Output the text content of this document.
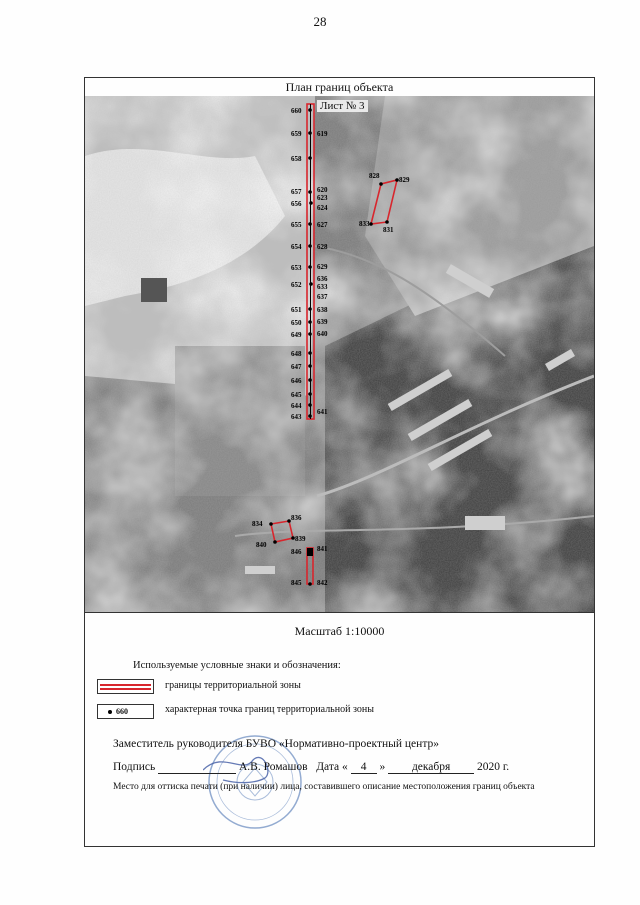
28
План границ объекта
660
659
658
657
656
655
654
653
652
651
650
649
648
647
646
645
644
643
619
620
623
624
627
628
629
636
633
637
638
639
640
641
828	829
833
831
834
836
839
840
846 841
845 842
Лист № 3
Масштаб 1:10000
Используемые условные знаки и обозначения:
границы территориальной зоны
660	характерная точка границ территориальной зоны
Заместитель руководителя БУВО «Нормативно-проектный центр»
Подпись	А.В. Ромашов Дата « 4 » декабря 2020 г.
Место для оттиска печати (при наличии) лица, составившего описание местоположения границ объекта
